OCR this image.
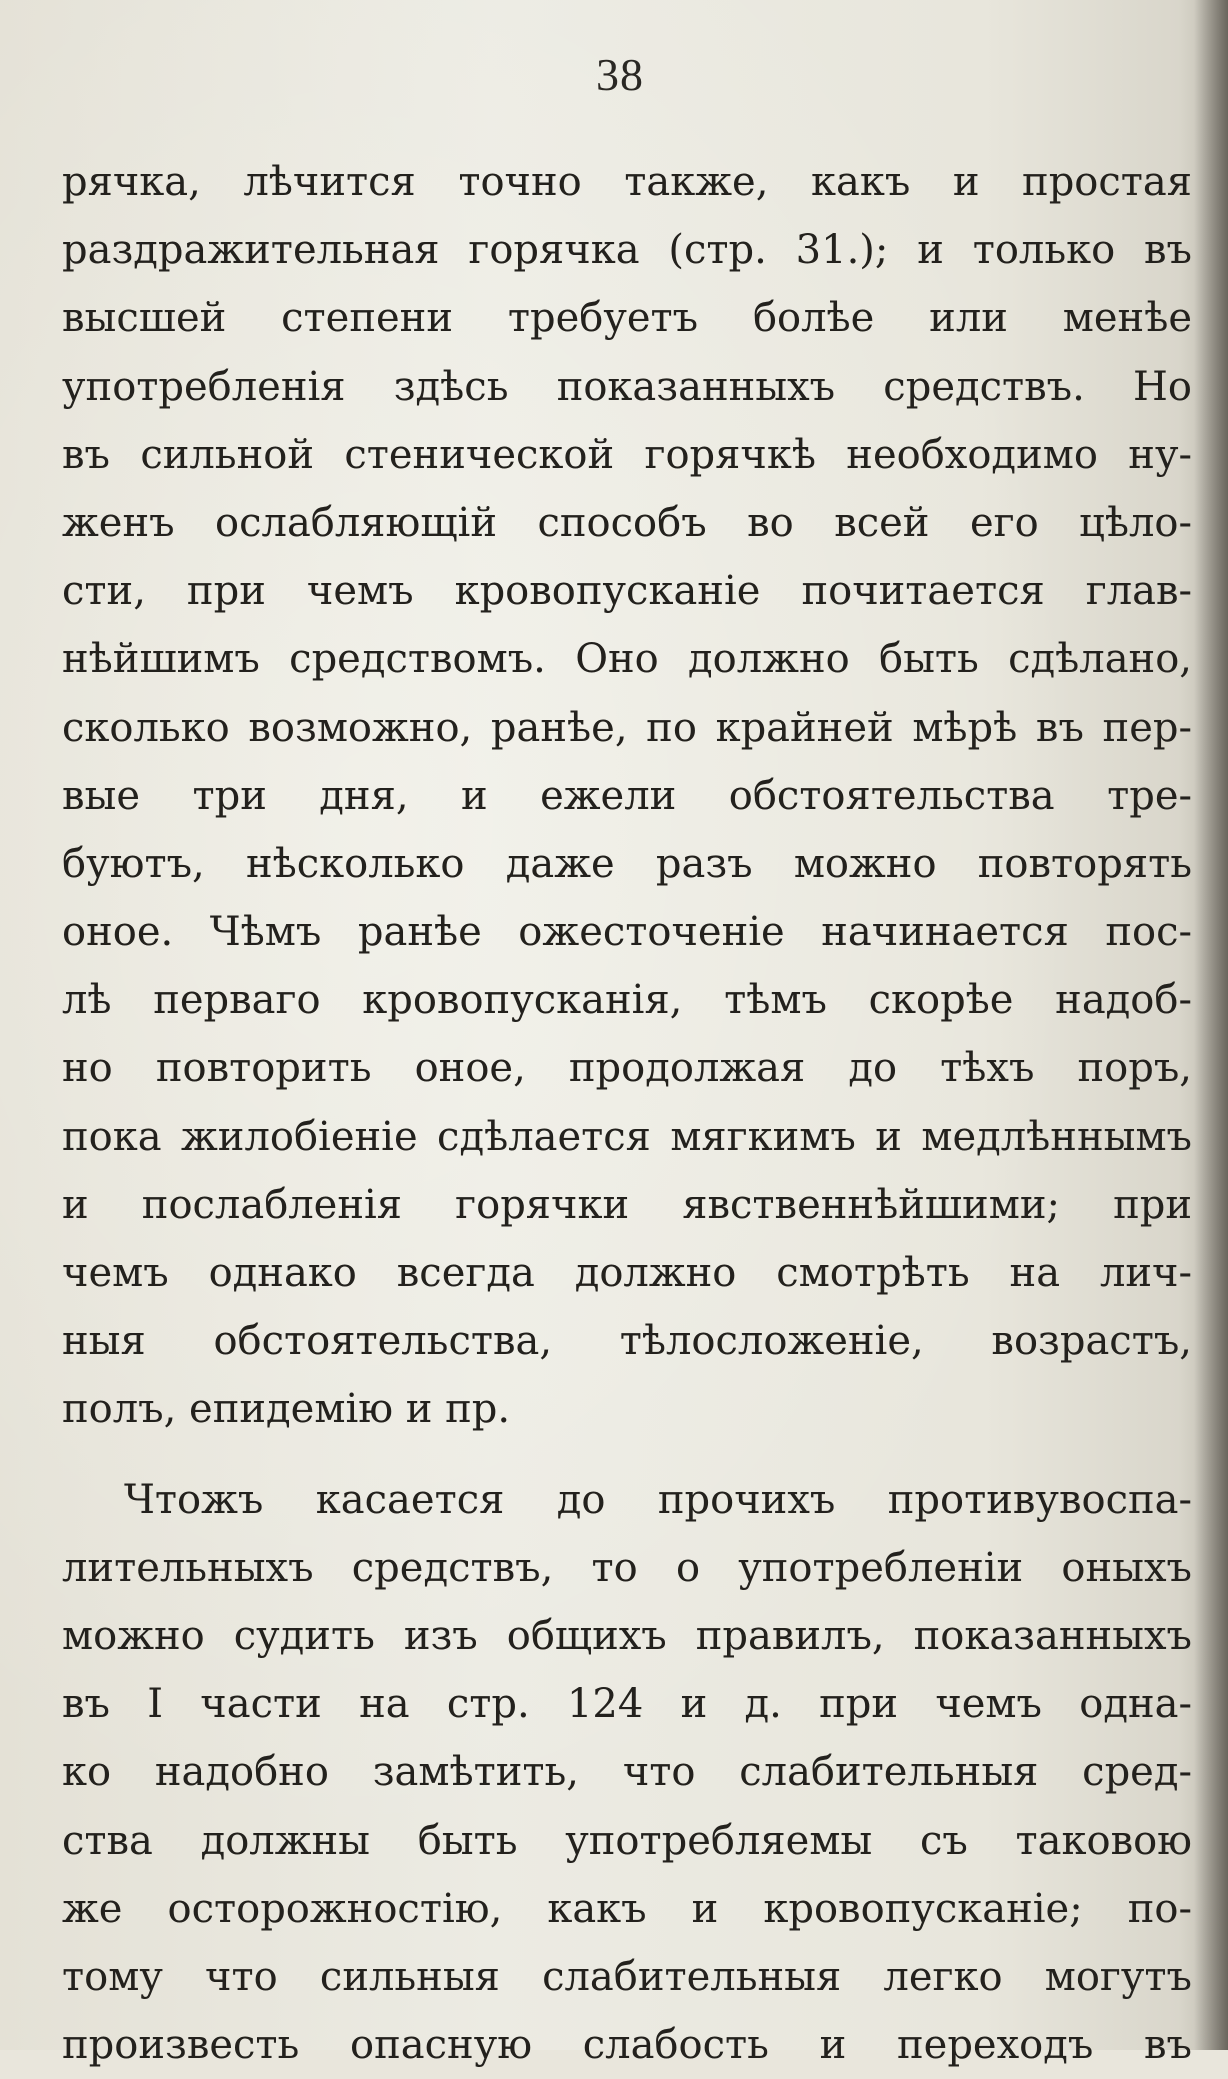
38
рячка, лѣчится точно также, какъ и простая
раздражительная горячка (стр. 31.); и только въ
высшей степени требуетъ болѣе или менѣе
употребленія здѣсь показанныхъ средствъ. Но
въ сильной стенической горячкѣ необходимо ну-
женъ ослабляющій способъ во всей его цѣло-
сти, при чемъ кровопусканіе почитается глав-
нѣйшимъ средствомъ. Оно должно быть сдѣлано,
сколько возможно, ранѣе, по крайней мѣрѣ въ пер-
вые три дня, и ежели обстоятельства тре-
буютъ, нѣсколько даже разъ можно повторять
оное. Чѣмъ ранѣе ожесточеніе начинается пос-
лѣ перваго кровопусканія, тѣмъ скорѣе надоб-
но повторить оное, продолжая до тѣхъ поръ,
пока жилобіеніе сдѣлается мягкимъ и медлѣннымъ
и пocлабленія горячки явственнѣйшими; при
чемъ однако всегда должно смотрѣть на лич-
ныя обстоятельства, тѣлосложеніе, возрастъ,
полъ, епидемію и пр.
Чтожъ касается до прочихъ противувоспа-
лительныхъ средствъ, то о употребленіи оныхъ
можно судить изъ общихъ правилъ, показанныхъ
въ I части на стр. 124 и д. при чемъ одна-
ко надобно замѣтить, что слабительныя сред-
ства должны быть употребляемы съ таковою
же осторожностію, какъ и кровопусканіе; по-
тому что сильныя слабительныя легко могутъ
произвесть опасную слабость и переходъ въ
